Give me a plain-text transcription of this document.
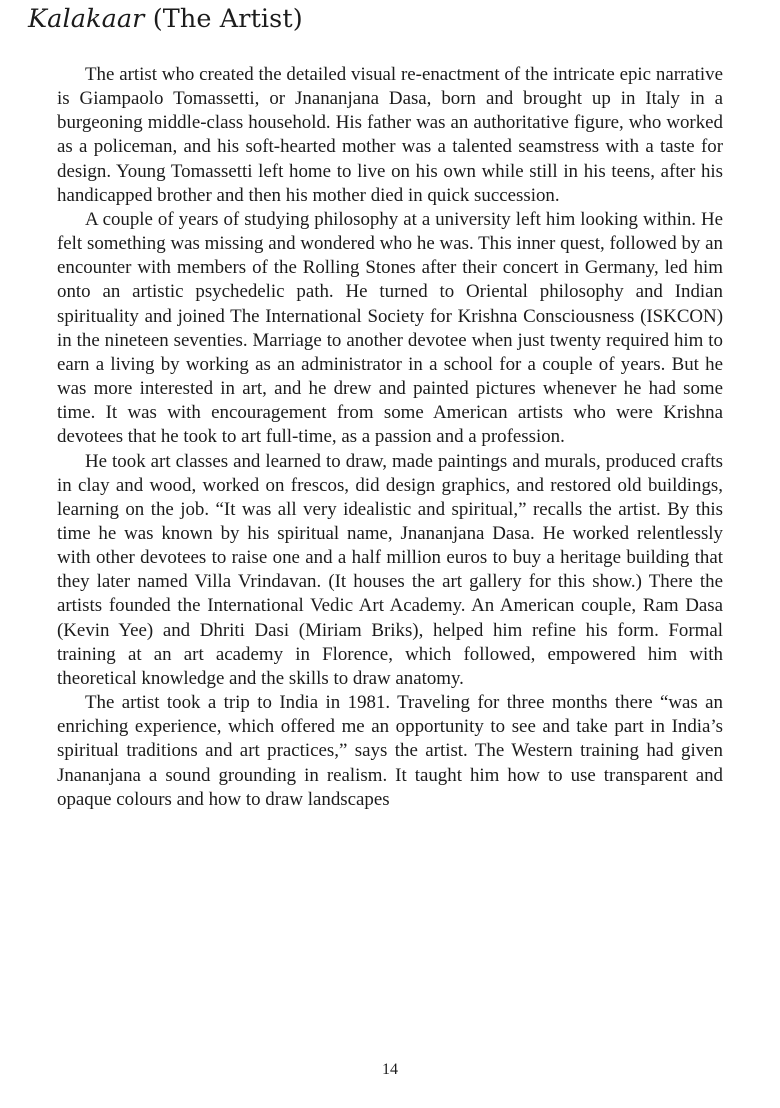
Kalakaar (The Artist)

The artist who created the detailed visual re-enactment of the intricate epic narrative is Giampaolo Tomassetti, or Jnananjana Dasa, born and brought up in Italy in a burgeoning middle-class household. His father was an authoritative figure, who worked as a policeman, and his soft-hearted mother was a talented seamstress with a taste for design. Young Tomassetti left home to live on his own while still in his teens, after his handicapped brother and then his mother died in quick succession.

A couple of years of studying philosophy at a university left him looking within. He felt something was missing and wondered who he was. This inner quest, followed by an encounter with members of the Rolling Stones after their concert in Germany, led him onto an artistic psychedelic path. He turned to Oriental philosophy and Indian spirituality and joined The International Society for Krishna Consciousness (ISKCON) in the nineteen seventies. Marriage to another devotee when just twenty required him to earn a living by working as an administrator in a school for a couple of years. But he was more interested in art, and he drew and painted pictures whenever he had some time. It was with encouragement from some American artists who were Krishna devotees that he took to art full-time, as a passion and a profession.

He took art classes and learned to draw, made paintings and murals, produced crafts in clay and wood, worked on frescos, did design graphics, and restored old buildings, learning on the job. “It was all very idealistic and spiritual,” recalls the artist. By this time he was known by his spiritual name, Jnananjana Dasa. He worked relentlessly with other devotees to raise one and a half million euros to buy a heritage building that they later named Villa Vrindavan. (It houses the art gallery for this show.) There the artists founded the International Vedic Art Academy. An American couple, Ram Dasa (Kevin Yee) and Dhriti Dasi (Miriam Briks), helped him refine his form. Formal training at an art academy in Florence, which followed, empowered him with theoretical knowledge and the skills to draw anatomy.

The artist took a trip to India in 1981. Traveling for three months there “was an enriching experience, which offered me an opportunity to see and take part in India’s spiritual traditions and art practices,” says the artist. The Western training had given Jnananjana a sound grounding in realism. It taught him how to use transparent and opaque colours and how to draw landscapes

14
